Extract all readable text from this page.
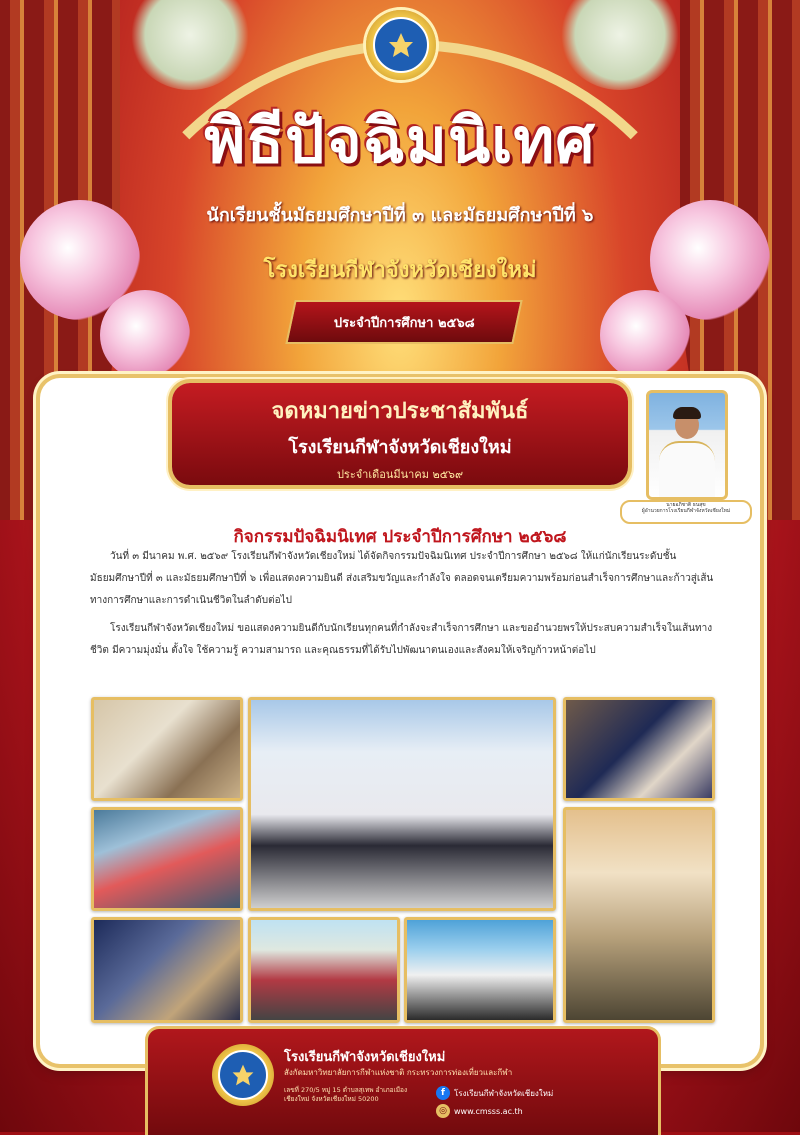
พิธีปัจฉิมนิเทศ
นักเรียนชั้นมัธยมศึกษาปีที่ ๓ และมัธยมศึกษาปีที่ ๖
โรงเรียนกีฬาจังหวัดเชียงใหม่
ประจำปีการศึกษา ๒๕๖๘
จดหมายข่าวประชาสัมพันธ์
โรงเรียนกีฬาจังหวัดเชียงใหม่
ประจำเดือนมีนาคม ๒๕๖๙
นายอภิชาติ ธนสุข
ผู้อำนวยการโรงเรียนกีฬาจังหวัดเชียงใหม่
กิจกรรมปัจฉิมนิเทศ ประจำปีการศึกษา ๒๕๖๘
วันที่ ๓ มีนาคม พ.ศ. ๒๕๖๙ โรงเรียนกีฬาจังหวัดเชียงใหม่ ได้จัดกิจกรรมปัจฉิมนิเทศ ประจำปีการศึกษา ๒๕๖๘ ให้แก่นักเรียนระดับชั้นมัธยมศึกษาปีที่ ๓ และมัธยมศึกษาปีที่ ๖ เพื่อแสดงความยินดี ส่งเสริมขวัญและกำลังใจ ตลอดจนเตรียมความพร้อมก่อนสำเร็จการศึกษาและก้าวสู่เส้นทางการศึกษาและการดำเนินชีวิตในลำดับต่อไป
โรงเรียนกีฬาจังหวัดเชียงใหม่ ขอแสดงความยินดีกับนักเรียนทุกคนที่กำลังจะสำเร็จการศึกษา และขออำนวยพรให้ประสบความสำเร็จในเส้นทางชีวิต มีความมุ่งมั่น ตั้งใจ ใช้ความรู้ ความสามารถ และคุณธรรมที่ได้รับไปพัฒนาตนเองและสังคมให้เจริญก้าวหน้าต่อไป
โรงเรียนกีฬาจังหวัดเชียงใหม่
สังกัดมหาวิทยาลัยการกีฬาแห่งชาติ กระทรวงการท่องเที่ยวและกีฬา
เลขที่ 270/5 หมู่ 15 ตำบลสุเทพ อำเภอเมืองเชียงใหม่ จังหวัดเชียงใหม่ 50200
f	โรงเรียนกีฬาจังหวัดเชียงใหม่
◎ www.cmsss.ac.th
